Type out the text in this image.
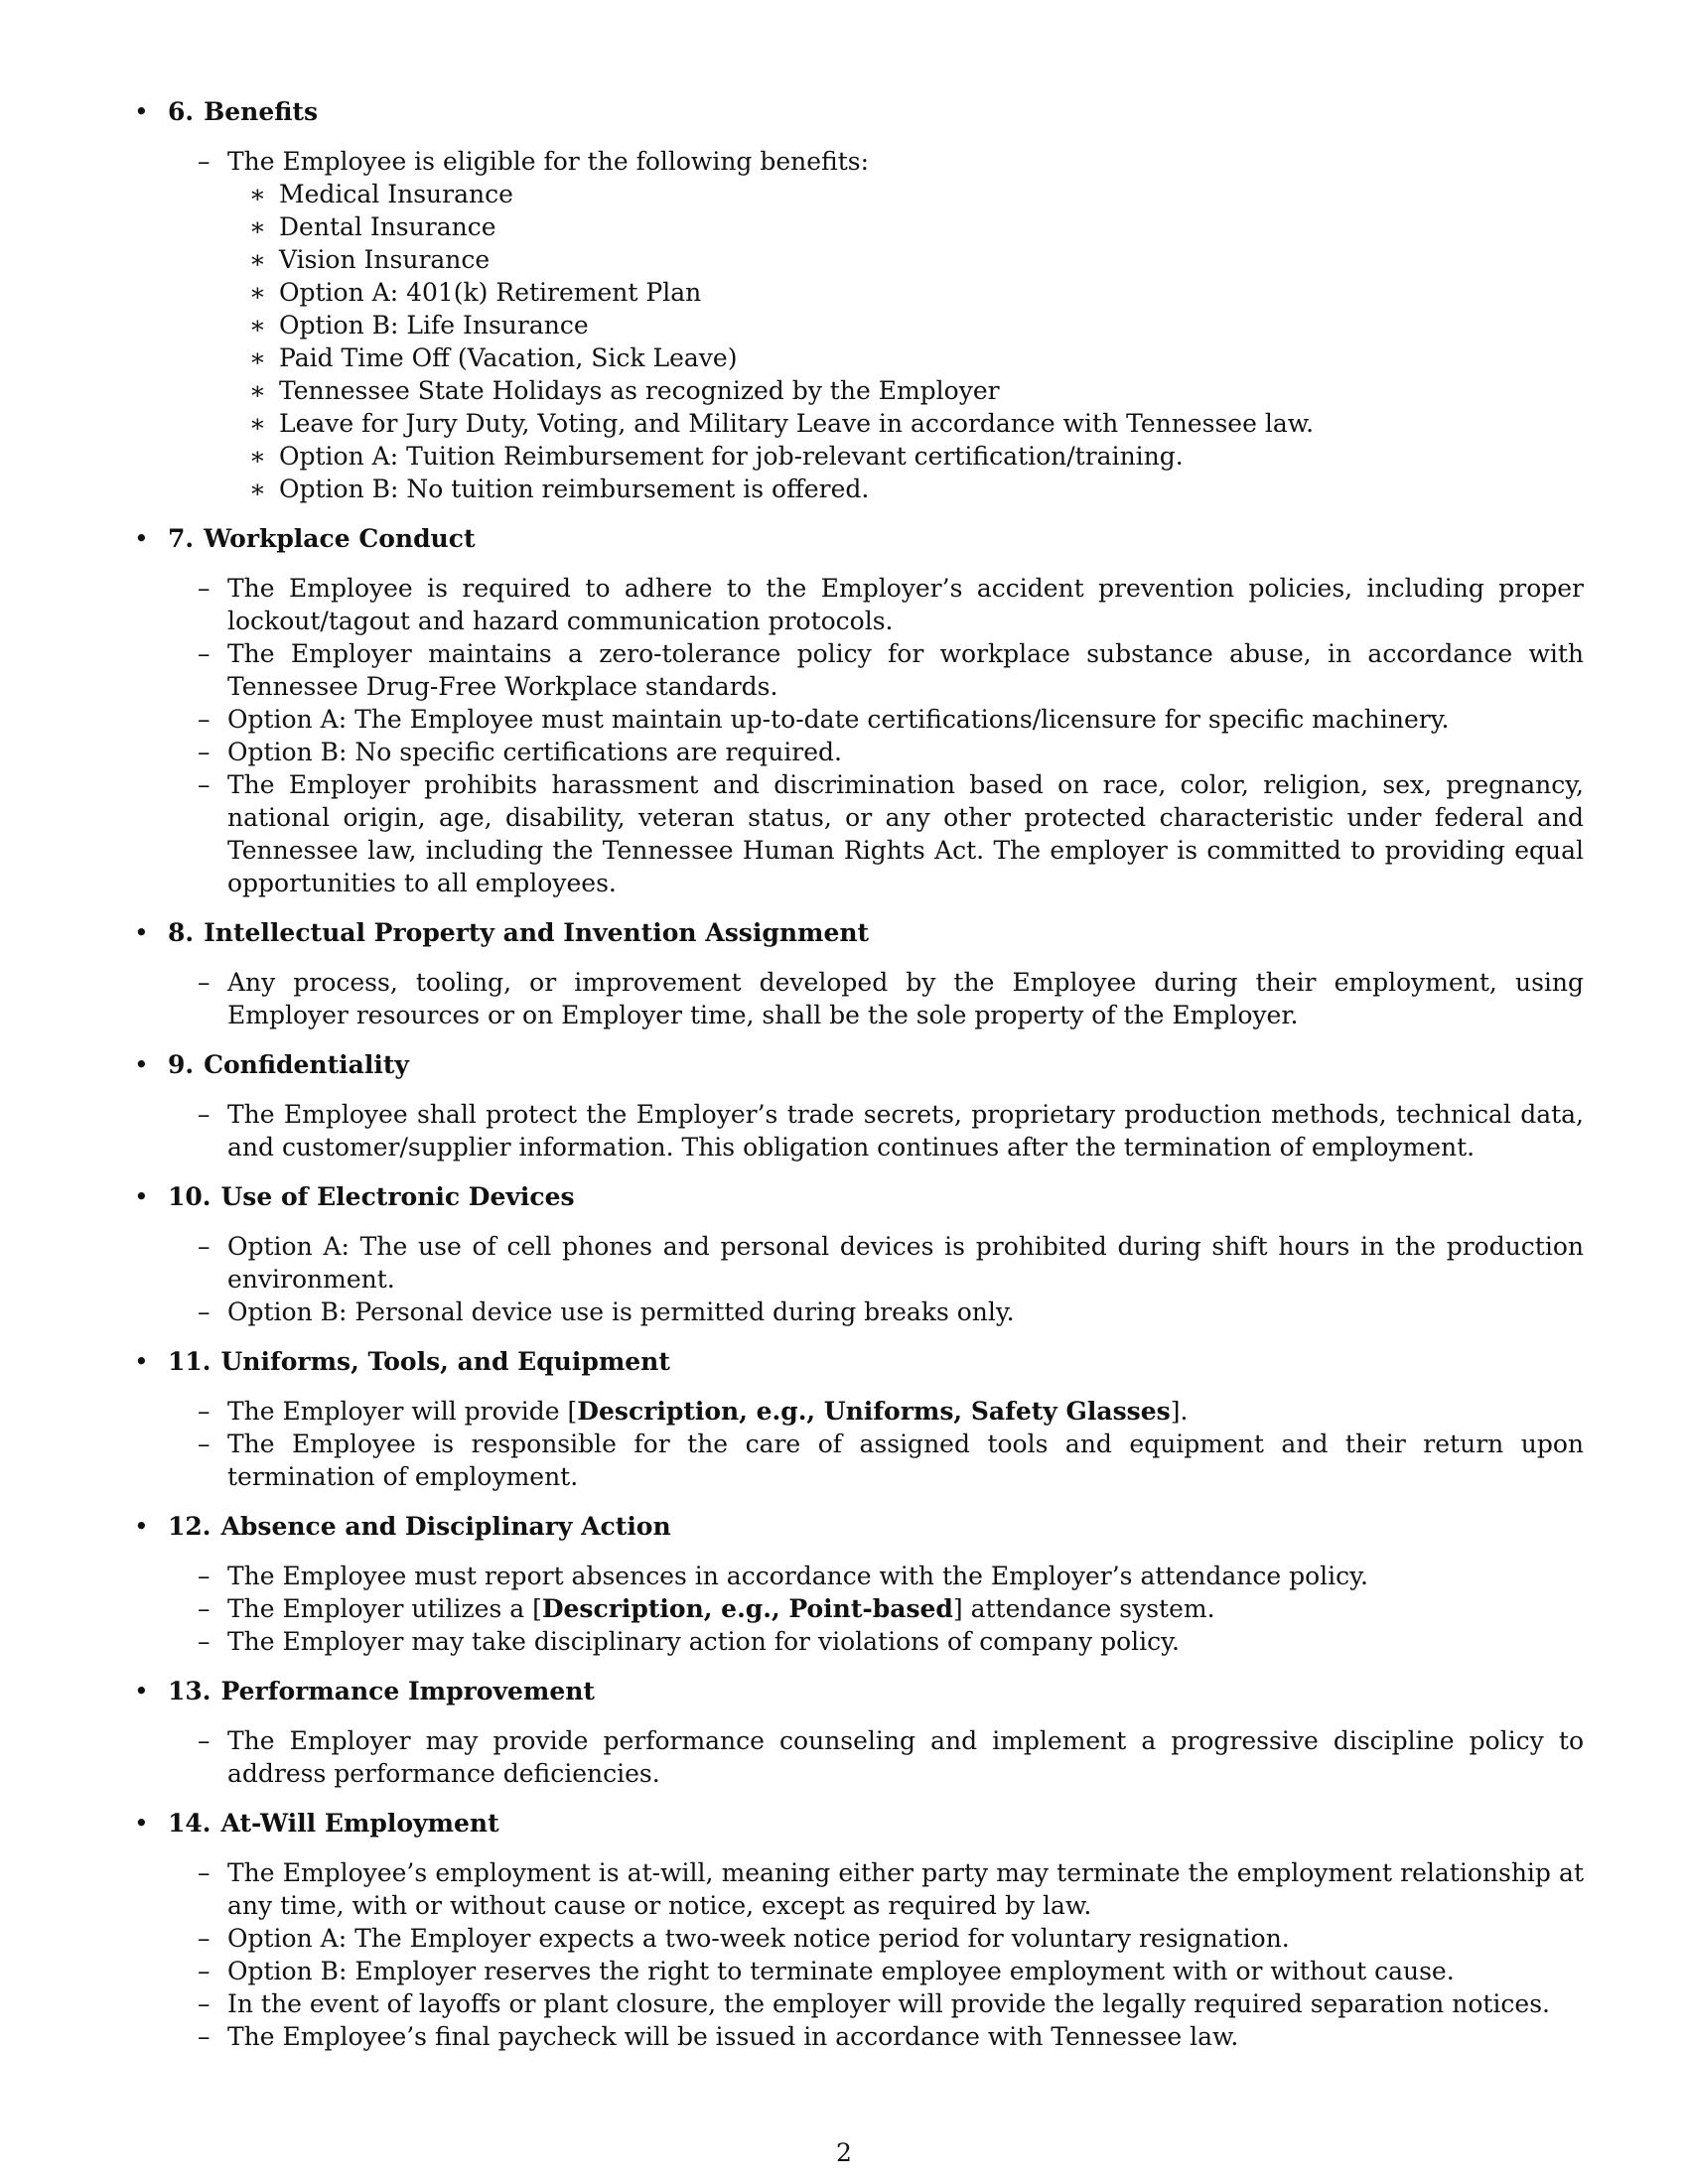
• 6. Benefits
– The Employee is eligible for the following benefits:
∗ Medical Insurance
∗ Dental Insurance
∗ Vision Insurance
∗ Option A: 401(k) Retirement Plan
∗ Option B: Life Insurance
∗ Paid Time Off (Vacation, Sick Leave)
∗ Tennessee State Holidays as recognized by the Employer
∗ Leave for Jury Duty, Voting, and Military Leave in accordance with Tennessee law.
∗ Option A: Tuition Reimbursement for job-relevant certification/training.
∗ Option B: No tuition reimbursement is offered.
• 7. Workplace Conduct
– The Employee is required to adhere to the Employer’s accident prevention policies, including proper lockout/tagout and hazard communication protocols.
– The Employer maintains a zero-tolerance policy for workplace substance abuse, in accordance with Tennessee Drug-Free Workplace standards.
– Option A: The Employee must maintain up-to-date certifications/licensure for specific machinery.
– Option B: No specific certifications are required.
– The Employer prohibits harassment and discrimination based on race, color, religion, sex, pregnancy, national origin, age, disability, veteran status, or any other protected characteristic under federal and Tennessee law, including the Tennessee Human Rights Act. The employer is committed to providing equal opportunities to all employees.
• 8. Intellectual Property and Invention Assignment
– Any process, tooling, or improvement developed by the Employee during their employment, using Employer resources or on Employer time, shall be the sole property of the Employer.
• 9. Confidentiality
– The Employee shall protect the Employer’s trade secrets, proprietary production methods, technical data, and customer/supplier information. This obligation continues after the termination of employment.
• 10. Use of Electronic Devices
– Option A: The use of cell phones and personal devices is prohibited during shift hours in the production environment.
– Option B: Personal device use is permitted during breaks only.
• 11. Uniforms, Tools, and Equipment
– The Employer will provide [Description, e.g., Uniforms, Safety Glasses].
– The Employee is responsible for the care of assigned tools and equipment and their return upon termination of employment.
• 12. Absence and Disciplinary Action
– The Employee must report absences in accordance with the Employer’s attendance policy.
– The Employer utilizes a [Description, e.g., Point-based] attendance system.
– The Employer may take disciplinary action for violations of company policy.
• 13. Performance Improvement
– The Employer may provide performance counseling and implement a progressive discipline policy to address performance deficiencies.
• 14. At-Will Employment
– The Employee’s employment is at-will, meaning either party may terminate the employment relationship at any time, with or without cause or notice, except as required by law.
– Option A: The Employer expects a two-week notice period for voluntary resignation.
– Option B: Employer reserves the right to terminate employee employment with or without cause.
– In the event of layoffs or plant closure, the employer will provide the legally required separation notices.
– The Employee’s final paycheck will be issued in accordance with Tennessee law.
2
